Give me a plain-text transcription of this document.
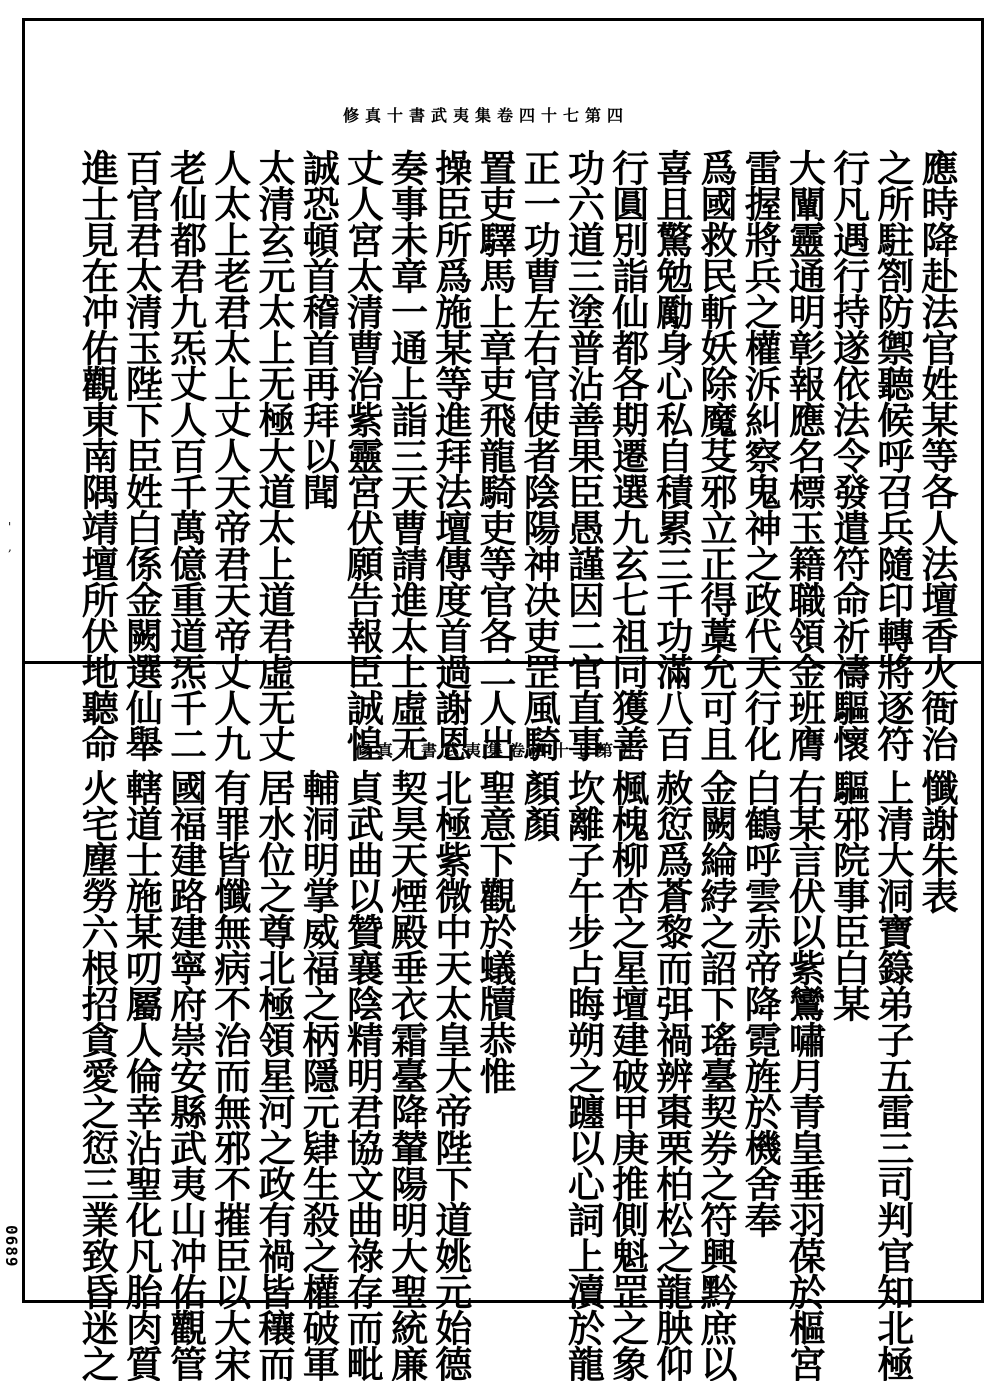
修真十書武夷集卷四十七第四
應時降赴法官姓某等各人法壇香火衙治
之所駐劄防禦聽候呼召兵隨印轉將逐符
行凡遇行持遂依法令發遣符命祈禱驅懷
大闡靈通明彰報應名標玉籍職領金班膺
雷握將兵之權泝糾察鬼神之政代天行化
爲國救民斬妖除魔芟邪立正得藁允可且
喜且驚勉勵身心私自積累三千功滿八百
行圓別詣仙都各期遷選九玄七祖同獲善
功六道三塗普沾善果臣愚謹因二官直事
正一功曹左右官使者陰陽神决吏罡風騎
置吏驛馬上章吏飛龍騎吏等官各二人出
操臣所爲施某等進拜法壇傳度首過謝恩
奏事未章一通上詣三天曹請進太上虛无
丈人宮太清曹治紫靈宮伏願告報臣誠惶
誠恐頓首稽首再拜以聞
太清玄元太上无極大道太上道君虛无丈
人太上老君太上丈人天帝君天帝丈人九
老仙都君九炁丈人百千萬億重道炁千二
百官君太清玉陛下臣姓白係金闕選仙舉
進士見在冲佑觀東南隅靖壇所伏地聽命	修真十書武夷集卷四十七第五
懺謝朱表
上清大洞寶籙弟子五雷三司判官知北極
驅邪院事臣白某
右某言伏以紫鸞嘯月青皇垂羽葆於樞宮
白鶴呼雲赤帝降霓旌於機舍奉
金闕綸綍之詔下瑤臺契券之符興黔庶以
赦愆爲蒼黎而弭禍辨棗栗柏松之龍胦仰
楓槐柳杏之星壇建破甲庚推側魁罡之象
坎離子午步占晦朔之躔以心詞上瀆於龍
顏顏
聖意下觀於蟻牘恭惟
北極紫微中天太皇大帝陛下道姚元始德
契昊天煙殿垂衣霜臺降輦陽明大聖統廉
貞武曲以贊襄陰精明君協文曲祿存而毗
輔洞明掌威福之柄隱元肄生殺之權破軍
居水位之尊北極領星河之政有禍皆穰而
有罪皆懺無病不治而無邪不摧臣以大宋
國福建路建寧府崇安縣武夷山冲佑觀管
轄道士施某叨屬人倫幸沾聖化凡胎肉質
火宅塵勞六根招貪愛之愆三業致昏迷之
0689
'
,
